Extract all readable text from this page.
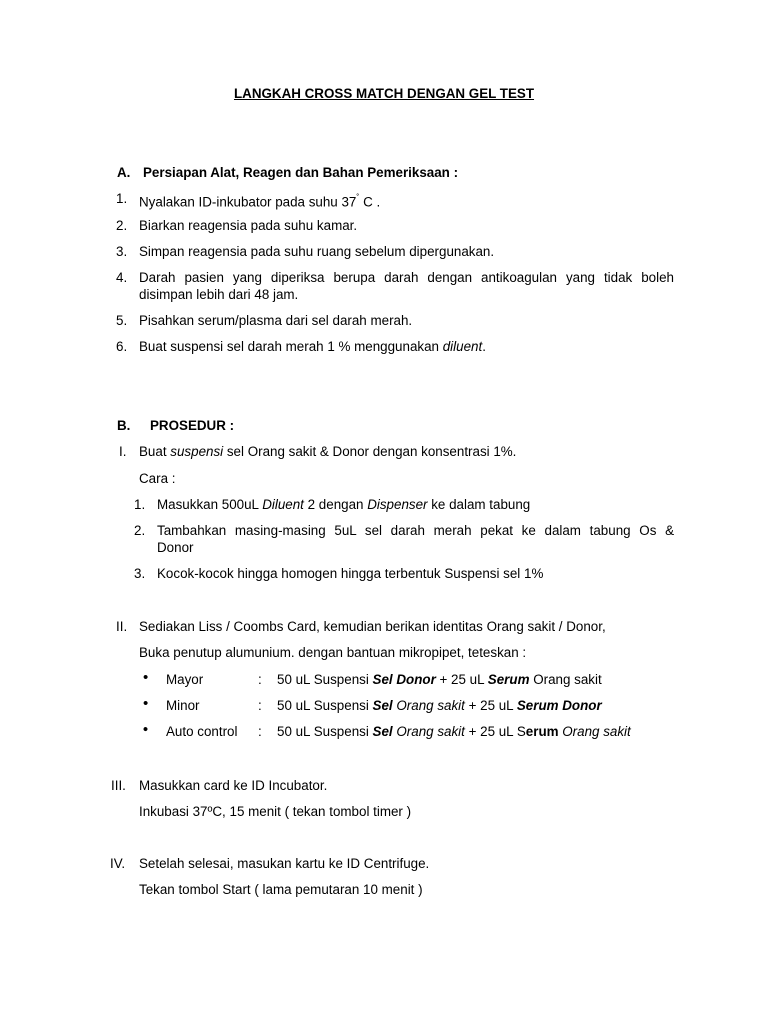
LANGKAH CROSS MATCH DENGAN GEL TEST
A. Persiapan Alat, Reagen dan Bahan Pemeriksaan :
1. Nyalakan ID-inkubator pada suhu 37˚ C .
2. Biarkan reagensia pada suhu kamar.
3. Simpan reagensia pada suhu ruang sebelum dipergunakan.
4. Darah pasien yang diperiksa berupa darah dengan antikoagulan yang tidak boleh
disimpan lebih dari 48 jam.
5. Pisahkan serum/plasma dari sel darah merah.
6. Buat suspensi sel darah merah 1 % menggunakan diluent.
B. PROSEDUR :
I. Buat suspensi sel Orang sakit & Donor dengan konsentrasi 1%.
Cara :
1. Masukkan 500uL Diluent 2 dengan Dispenser ke dalam tabung
2. Tambahkan masing-masing 5uL sel darah merah pekat ke dalam tabung Os &
Donor
3. Kocok-kocok hingga homogen hingga terbentuk Suspensi sel 1%
II. Sediakan Liss / Coombs Card, kemudian berikan identitas Orang sakit / Donor,
Buka penutup alumunium. dengan bantuan mikropipet, teteskan :
• Mayor	: 50 uL Suspensi Sel Donor + 25 uL Serum Orang sakit
• Minor	: 50 uL Suspensi Sel Orang sakit + 25 uL Serum Donor
• Auto control : 50 uL Suspensi Sel Orang sakit + 25 uL Serum Orang sakit
III. Masukkan card ke ID Incubator.
Inkubasi 37ºC, 15 menit ( tekan tombol timer )
IV. Setelah selesai, masukan kartu ke ID Centrifuge.
Tekan tombol Start ( lama pemutaran 10 menit )
